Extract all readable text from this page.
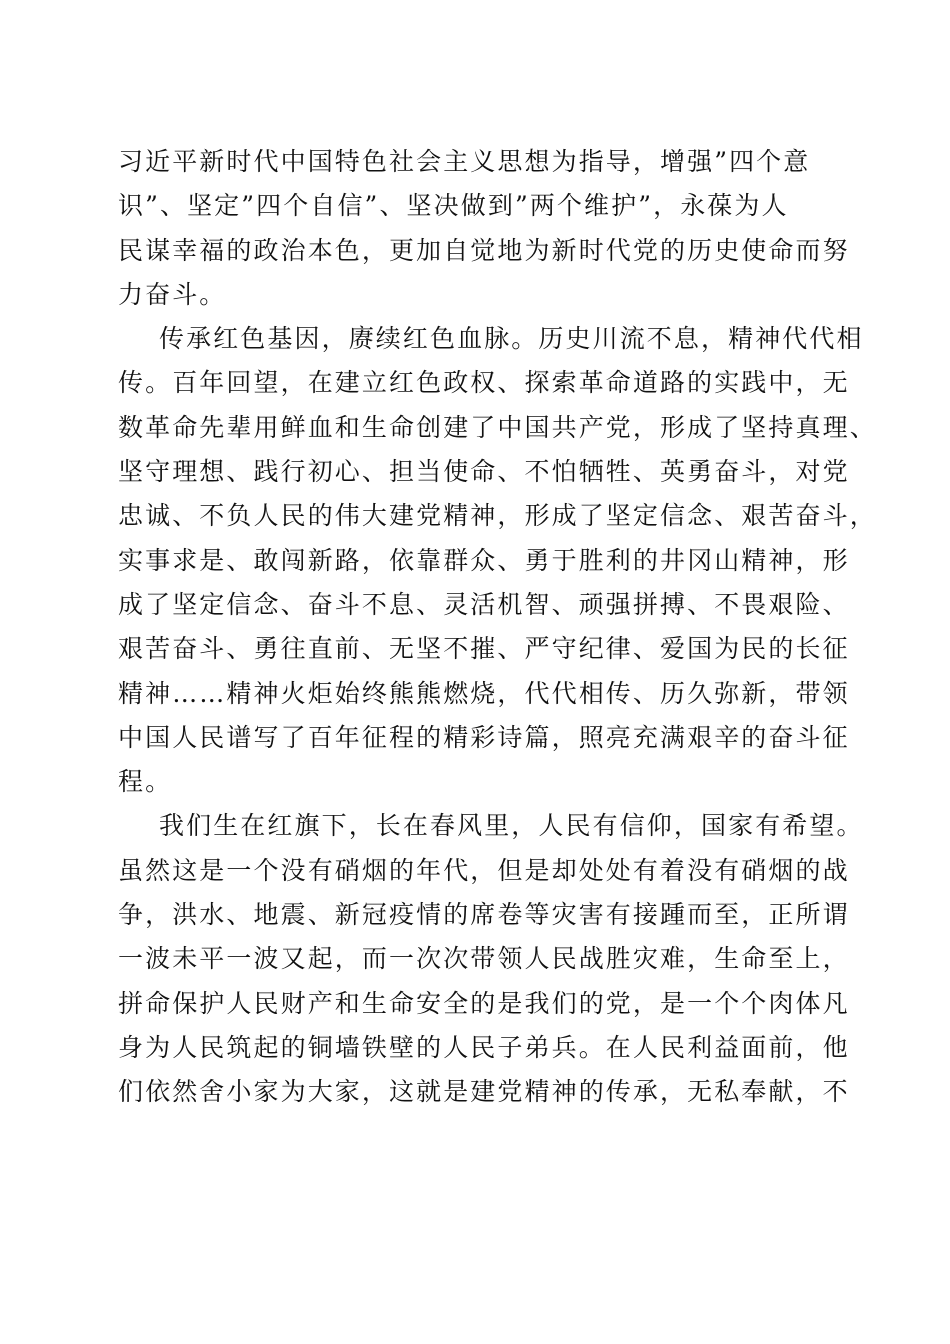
习近平新时代中国特色社会主义思想为指导，增强”四个意
识”、坚定”四个自信”、坚决做到”两个维护”，永葆为人
民谋幸福的政治本色，更加自觉地为新时代党的历史使命而努
力奋斗。
传承红色基因，赓续红色血脉。历史川流不息，精神代代相
传。百年回望，在建立红色政权、探索革命道路的实践中，无
数革命先辈用鲜血和生命创建了中国共产党，形成了坚持真理、
坚守理想、践行初心、担当使命、不怕牺牲、英勇奋斗，对党
忠诚、不负人民的伟大建党精神，形成了坚定信念、艰苦奋斗，
实事求是、敢闯新路，依靠群众、勇于胜利的井冈山精神，形
成了坚定信念、奋斗不息、灵活机智、顽强拼搏、不畏艰险、
艰苦奋斗、勇往直前、无坚不摧、严守纪律、爱国为民的长征
精神……精神火炬始终熊熊燃烧，代代相传、历久弥新，带领
中国人民谱写了百年征程的精彩诗篇，照亮充满艰辛的奋斗征
程。
我们生在红旗下，长在春风里，人民有信仰，国家有希望。
虽然这是一个没有硝烟的年代，但是却处处有着没有硝烟的战
争，洪水、地震、新冠疫情的席卷等灾害有接踵而至，正所谓
一波未平一波又起，而一次次带领人民战胜灾难，生命至上，
拼命保护人民财产和生命安全的是我们的党，是一个个肉体凡
身为人民筑起的铜墙铁壁的人民子弟兵。在人民利益面前，他
们依然舍小家为大家，这就是建党精神的传承，无私奉献，不
